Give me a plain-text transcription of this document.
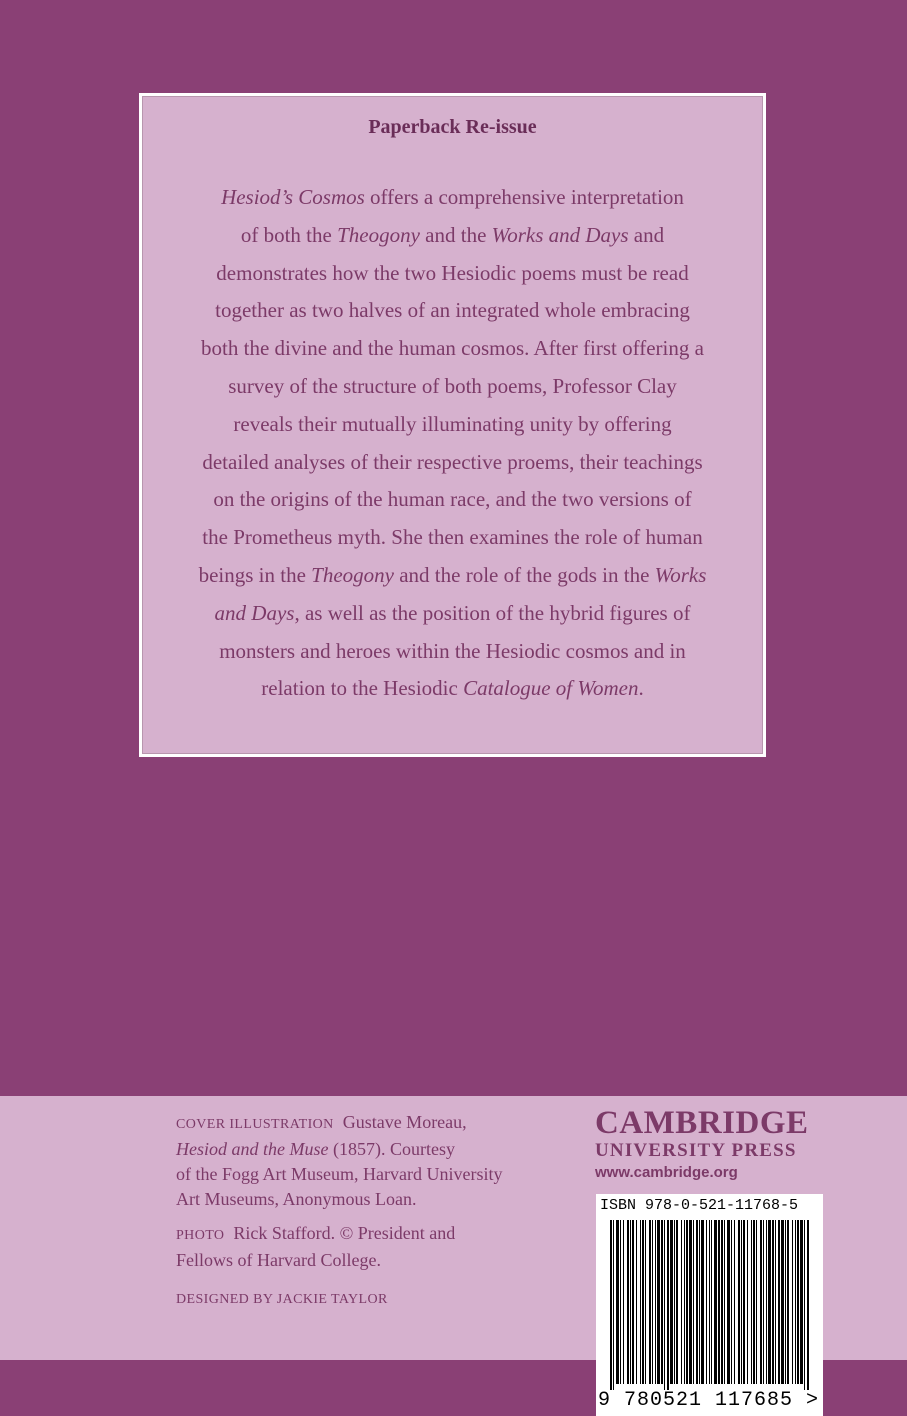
Paperback Re-issue
Hesiod’s Cosmos offers a comprehensive interpretation
of both the Theogony and the Works and Days and
demonstrates how the two Hesiodic poems must be read
together as two halves of an integrated whole embracing
both the divine and the human cosmos. After first offering a
survey of the structure of both poems, Professor Clay
reveals their mutually illuminating unity by offering
detailed analyses of their respective proems, their teachings
on the origins of the human race, and the two versions of
the Prometheus myth. She then examines the role of human
beings in the Theogony and the role of the gods in the Works
and Days, as well as the position of the hybrid figures of
monsters and heroes within the Hesiodic cosmos and in
relation to the Hesiodic Catalogue of Women.

COVER ILLUSTRATION Gustave Moreau,
Hesiod and the Muse (1857). Courtesy
of the Fogg Art Museum, Harvard University
Art Museums, Anonymous Loan.

PHOTO Rick Stafford. © President and
Fellows of Harvard College.

DESIGNED BY JACKIE TAYLOR

CAMBRIDGE
UNIVERSITY PRESS
www.cambridge.org
ISBN 978-0-521-11768-5
9 780521 117685 >
